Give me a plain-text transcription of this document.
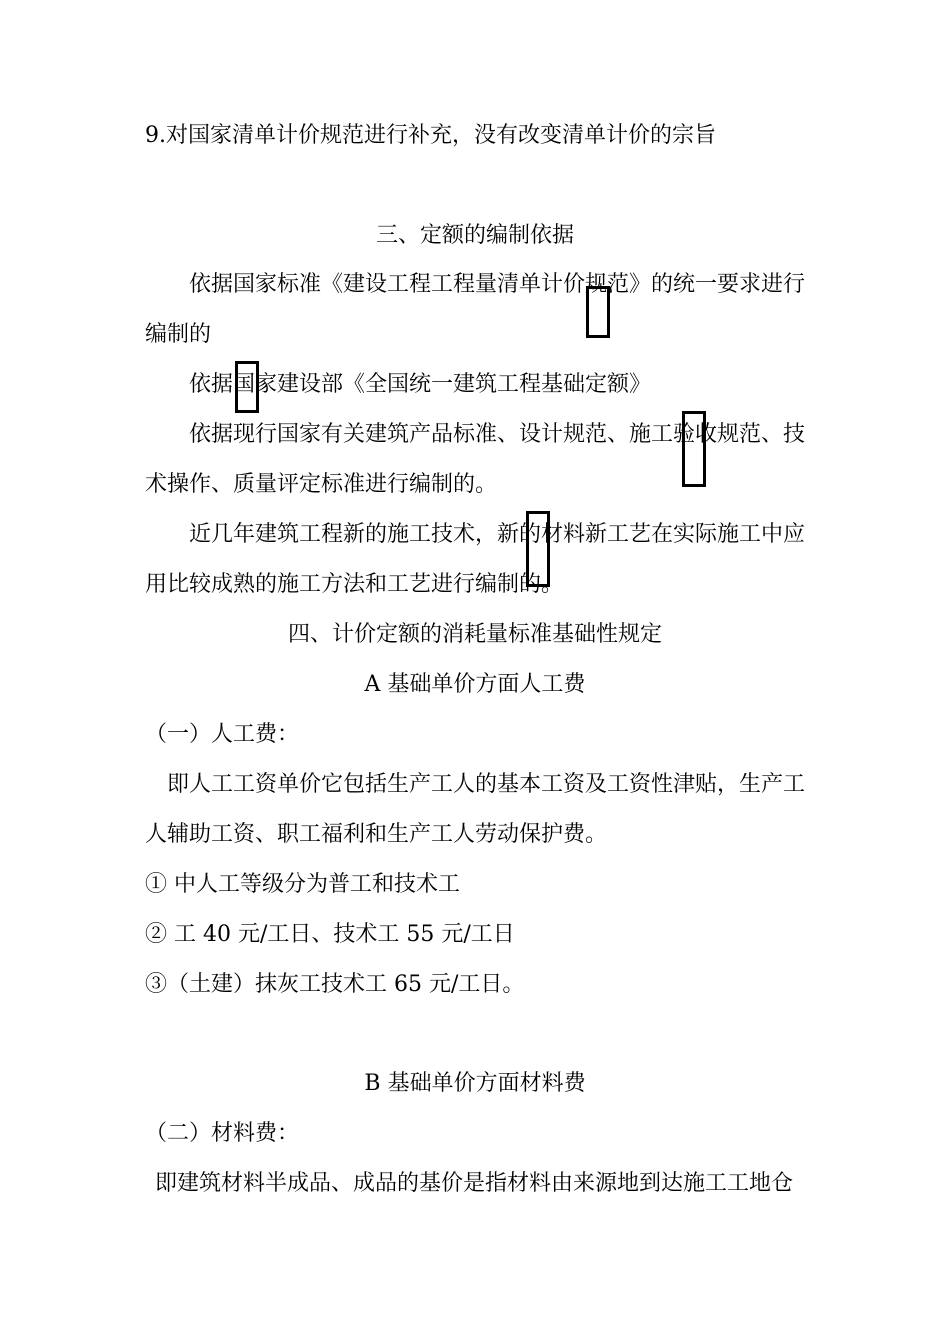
9.对国家清单计价规范进行补充，没有改变清单计价的宗旨
三、定额的编制依据
依据国家标准《建设工程工程量清单计价规范》的统一要求进行
编制的
依据国家建设部《全国统一建筑工程基础定额》
依据现行国家有关建筑产品标准、设计规范、施工验收规范、技
术操作、质量评定标准进行编制的。
近几年建筑工程新的施工技术，新的材料新工艺在实际施工中应
用比较成熟的施工方法和工艺进行编制的。
四、计价定额的消耗量标准基础性规定
A 基础单价方面人工费
（一）人工费：
即人工工资单价它包括生产工人的基本工资及工资性津贴，生产工
人辅助工资、职工福利和生产工人劳动保护费。
① 中人工等级分为普工和技术工
② 工 40 元/工日、技术工 55 元/工日
③（土建）抹灰工技术工 65 元/工日。
B 基础单价方面材料费
（二）材料费：
即建筑材料半成品、成品的基价是指材料由来源地到达施工工地仓
